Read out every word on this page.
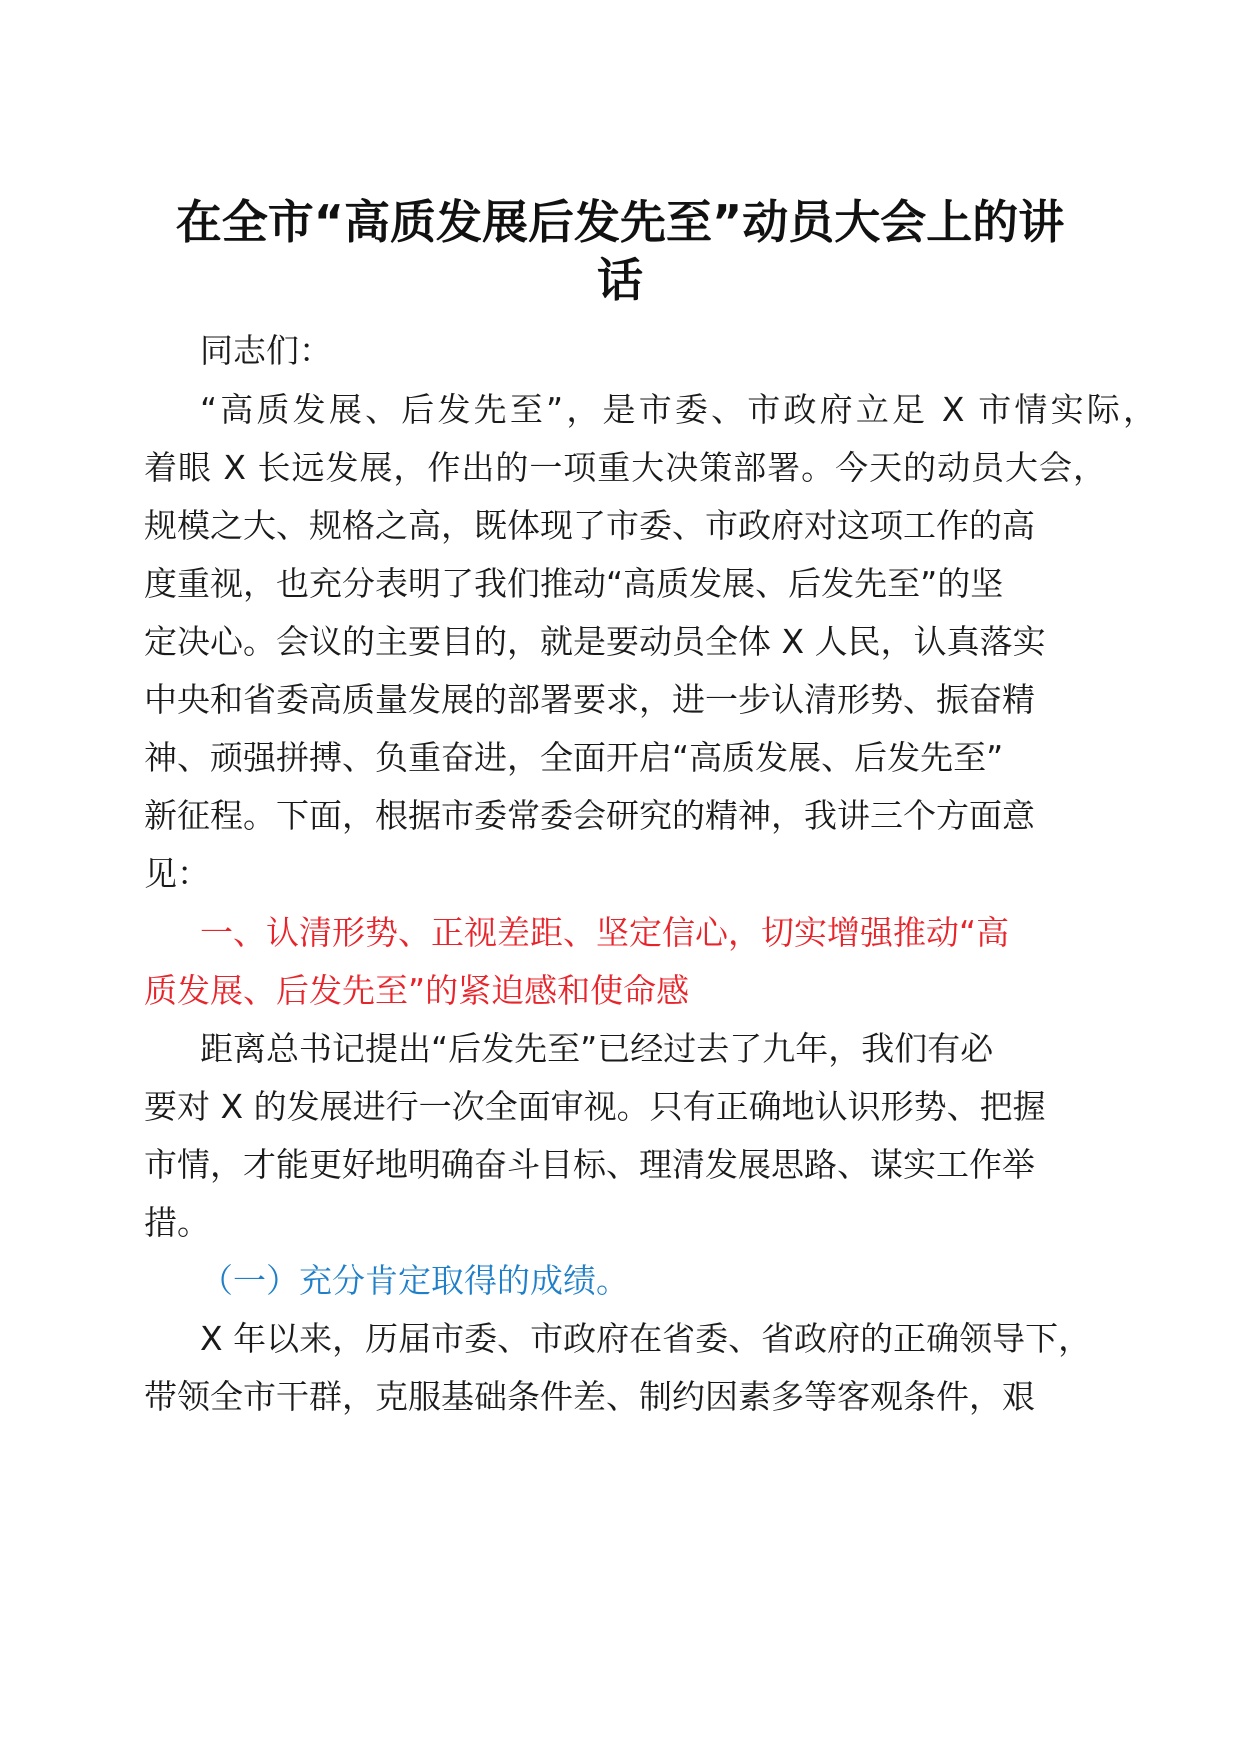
在全市“高质发展后发先至”动员大会上的讲
话
同志们：
“高质发展、后发先至”，是市委、市政府立足 X 市情实际，
着眼 X 长远发展，作出的一项重大决策部署。今天的动员大会，
规模之大、规格之高，既体现了市委、市政府对这项工作的高
度重视，也充分表明了我们推动“高质发展、后发先至”的坚
定决心。会议的主要目的，就是要动员全体 X 人民，认真落实
中央和省委高质量发展的部署要求，进一步认清形势、振奋精
神、顽强拼搏、负重奋进，全面开启“高质发展、后发先至”
新征程。下面，根据市委常委会研究的精神，我讲三个方面意
见：
一、认清形势、正视差距、坚定信心，切实增强推动“高
质发展、后发先至”的紧迫感和使命感
距离总书记提出“后发先至”已经过去了九年，我们有必
要对 X 的发展进行一次全面审视。只有正确地认识形势、把握
市情，才能更好地明确奋斗目标、理清发展思路、谋实工作举
措。
（一）充分肯定取得的成绩。
X 年以来，历届市委、市政府在省委、省政府的正确领导下，
带领全市干群，克服基础条件差、制约因素多等客观条件，艰
